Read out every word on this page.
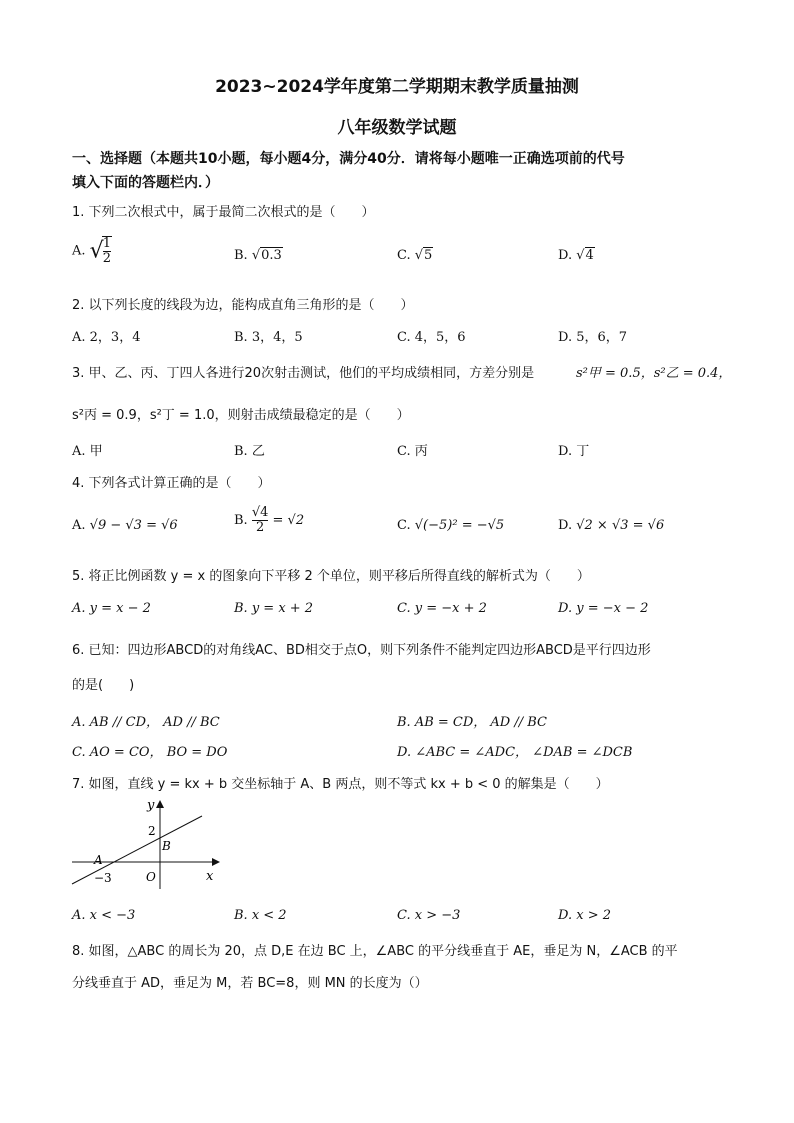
2023~2024学年度第二学期期末教学质量抽测
八年级数学试题
一、选择题（本题共10小题，每小题4分，满分40分．请将每小题唯一正确选项前的代号
填入下面的答题栏内．）
1. 下列二次根式中，属于最简二次根式的是（　　）
A. √
$\frac{1}{2}$	B. √0.3	C. √5	D. √4
2. 以下列长度的线段为边，能构成直角三角形的是（　　）
A. 2，3，4	B. 3，4，5	C. 4，5，6	D. 5，6，7
3. 甲、乙、丙、丁四人各进行20次射击测试，他们的平均成绩相同，方差分别是	s²甲 = 0.5，s²乙 = 0.4，
s²丙 = 0.9，s²丁 = 1.0，则射击成绩最稳定的是（　　）
A. 甲	B. 乙	C. 丙	D. 丁
4. 下列各式计算正确的是（　　）
A. √9 − √3 = √6	B. $\frac{√4}{2} = √2$	C. √(−5)² = −√5	D. √2 × √3 = √6
5. 将正比例函数 y = x 的图象向下平移 2 个单位，则平移后所得直线的解析式为（　　）
A. y = x − 2	B. y = x + 2	C. y = −x + 2	D. y = −x − 2
6. 已知：四边形ABCD的对角线AC、BD相交于点O，则下列条件不能判定四边形ABCD是平行四边形
的是(　　)
A. AB // CD， AD // BC	B. AB = CD， AD // BC
C. AO = CO， BO = DO	D. ∠ABC = ∠ADC， ∠DAB = ∠DCB
7. 如图，直线 y = kx + b 交坐标轴于 A、B 两点，则不等式 kx + b < 0 的解集是（　　）
y
x
2
B
A
−3	O
A. x < −3	B. x < 2	C. x > −3	D. x > 2
8. 如图，△ABC 的周长为 20，点 D,E 在边 BC 上，∠ABC 的平分线垂直于 AE，垂足为 N，∠ACB 的平
分线垂直于 AD，垂足为 M，若 BC=8，则 MN 的长度为（）
